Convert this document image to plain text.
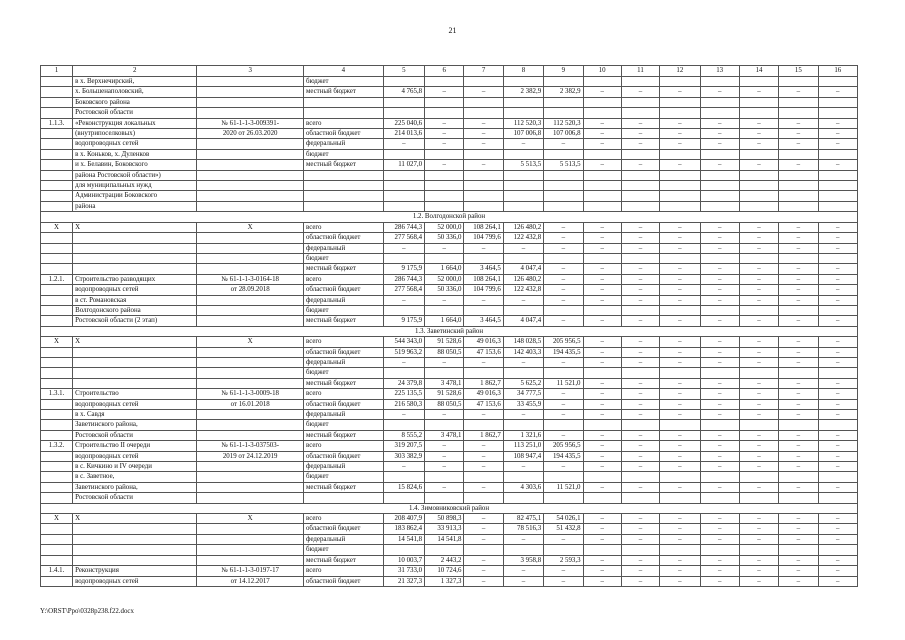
21
1	2	3	4	5	6	7	8	9	10	11	12	13	14	15	16
	в х. Верхнечирский,		бюджет												
	х. Большенаполовский,		местный бюджет	4 765,8	–	–	2 382,9	2 382,9	–	–	–	–	–	–	–
	Боковского района														
	Ростовской области														
1.1.3.	«Реконструкция локальных	№ 61-1-1-3-009391-	всего	225 040,6	–	–	112 520,3	112 520,3	–	–	–	–	–	–	–
	(внутрипоселковых)	2020 от 26.03.2020	областной бюджет	214 013,6	–	–	107 006,8	107 006,8	–	–	–	–	–	–	–
	водопроводных сетей		федеральный	–	–	–	–	–	–	–	–	–	–	–	–
	в х. Коньков, х. Дуленков		бюджет												
	и х. Белавин, Боковского		местный бюджет	11 027,0	–	–	5 513,5	5 513,5	–	–	–	–	–	–	–
	района Ростовской области»)														
	для муниципальных нужд														
	Администрации Боковского														
	района														
1.2. Волгодонской район															
Х	Х	Х	всего	286 744,3	52 000,0	108 264,1	126 480,2	–	–	–	–	–	–	–	–
			областной бюджет	277 568,4	50 336,0	104 799,6	122 432,8	–	–	–	–	–	–	–	–
			федеральный	–	–	–	–	–	–	–	–	–	–	–	–
			бюджет												
			местный бюджет	9 175,9	1 664,0	3 464,5	4 047,4	–	–	–	–	–	–	–	–
1.2.1.	Строительство разводящих	№ 61-1-1-3-0164-18	всего	286 744,3	52 000,0	108 264,1	126 480,2	–	–	–	–	–	–	–	–
	водопроводных сетей	от 28.09.2018	областной бюджет	277 568,4	50 336,0	104 799,6	122 432,8	–	–	–	–	–	–	–	–
	в ст. Романовская		федеральный	–	–	–	–	–	–	–	–	–	–	–	–
	Волгодонского района		бюджет												
	Ростовской области (2 этап)		местный бюджет	9 175,9	1 664,0	3 464,5	4 047,4	–	–	–	–	–	–	–	–
1.3. Заветинский район															
Х	Х	Х	всего	544 343,0	91 528,6	49 016,3	148 028,5	205 956,5	–	–	–	–	–	–	–
			областной бюджет	519 963,2	88 050,5	47 153,6	142 403,3	194 435,5	–	–	–	–	–	–	–
			федеральный	–	–	–	–	–	–	–	–	–	–	–	–
			бюджет												
			местный бюджет	24 379,8	3 478,1	1 862,7	5 625,2	11 521,0	–	–	–	–	–	–	–
1.3.1.	Строительство	№ 61-1-1-3-0009-18	всего	225 135,5	91 528,6	49 016,3	34 777,5	–	–	–	–	–	–	–	–
	водопроводных сетей	от 16.01.2018	областной бюджет	216 580,3	88 050,5	47 153,6	33 455,9	–	–	–	–	–	–	–	–
	в х. Савдя		федеральный	–	–	–	–	–	–	–	–	–	–	–	–
	Заветинского района,		бюджет												
	Ростовской области		местный бюджет	8 555,2	3 478,1	1 862,7	1 321,6	–	–	–	–	–	–	–	–
1.3.2.	Строительство II очереди	№ 61-1-1-3-037503-	всего	319 207,5	–	–	113 251,0	205 956,5	–	–	–	–	–	–	–
	водопроводных сетей	2019 от 24.12.2019	областной бюджет	303 382,9	–	–	108 947,4	194 435,5	–	–	–	–	–	–	–
	в с. Кичкино и IV очереди		федеральный	–	–	–	–	–	–	–	–	–	–	–	–
	в с. Заветное,		бюджет												
	Заветинского района,		местный бюджет	15 824,6	–	–	4 303,6	11 521,0	–	–	–	–	–	–	–
	Ростовской области														
1.4. Зимовниковский район															
Х	Х	Х	всего	208 407,9	50 898,3	–	82 475,1	54 026,1	–	–	–	–	–	–	–
			областной бюджет	183 862,4	33 913,3	–	78 516,3	51 432,8	–	–	–	–	–	–	–
			федеральный	14 541,8	14 541,8	–	–	–	–	–	–	–	–	–	–
			бюджет												
			местный бюджет	10 003,7	2 443,2	–	3 958,8	2 593,3	–	–	–	–	–	–	–
1.4.1.	Реконструкция	№ 61-1-1-3-0197-17	всего	31 733,0	10 724,6	–	–	–	–	–	–	–	–	–	–
	водопроводных сетей	от 14.12.2017	областной бюджет	21 327,3	1 327,3	–	–	–	–	–	–	–	–	–	–
Y:\ORST\Ppo\0328p238.f22.docx
